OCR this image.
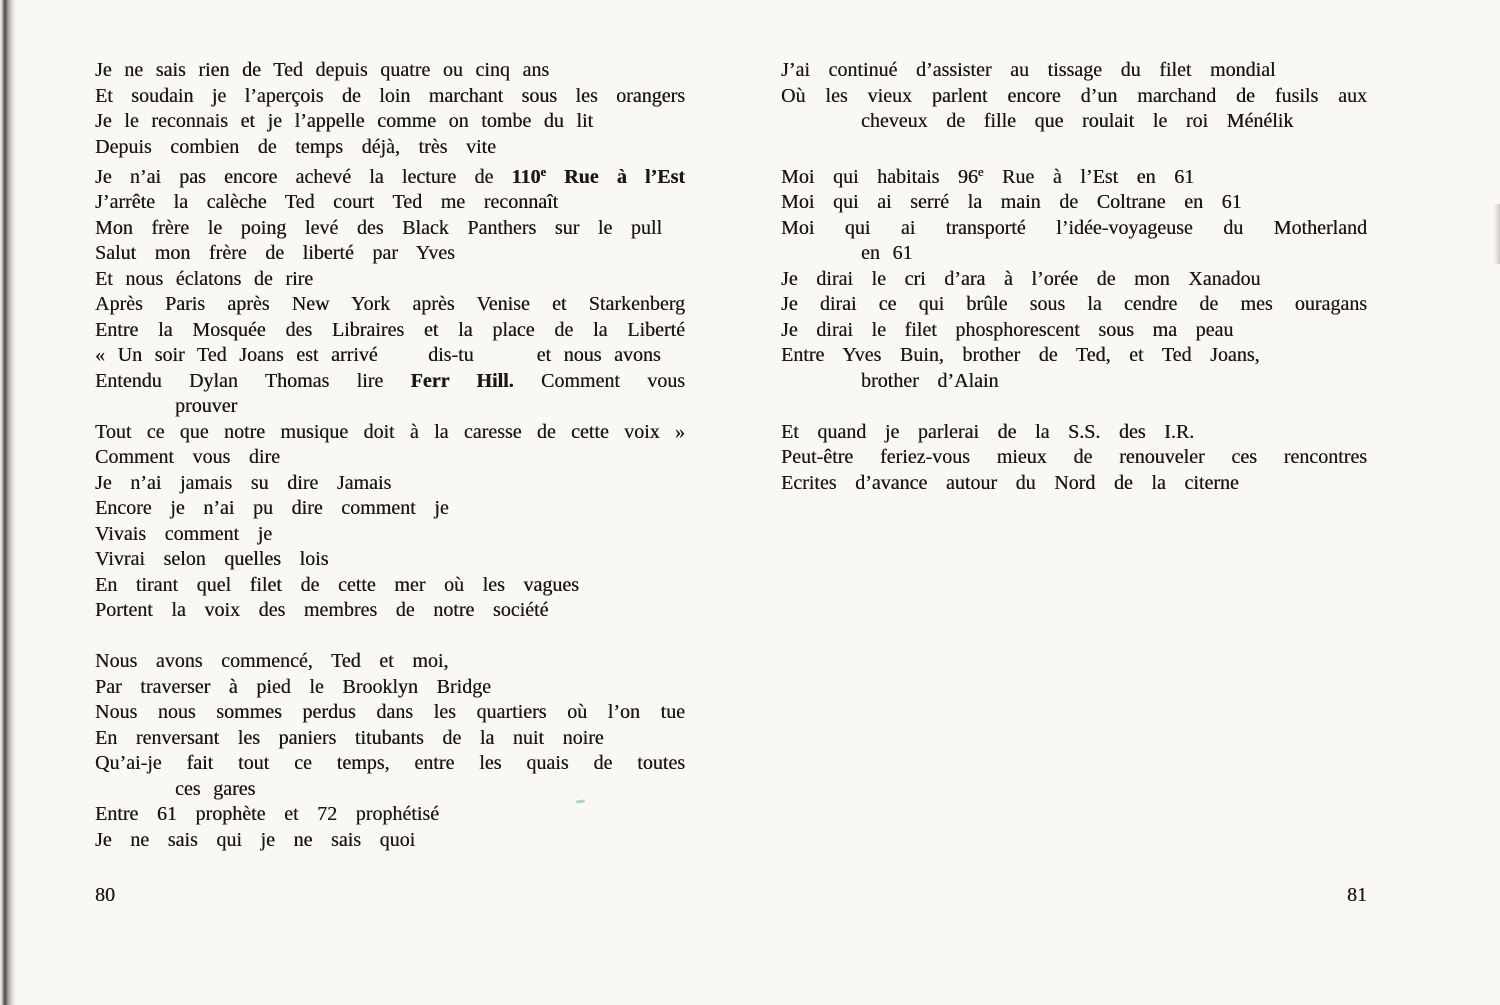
Je ne sais rien de Ted depuis quatre ou cinq ans
Et soudain je l’aperçois de loin marchant sous les orangers
Je le reconnais et je l’appelle comme on tombe du lit
Depuis combien de temps déjà, très vite
Je n’ai pas encore achevé la lecture de 110e Rue à l’Est
J’arrête la calèche Ted court Ted me reconnaît
Mon frère le poing levé des Black Panthers sur le pull
Salut mon frère de liberté par Yves
Et nous éclatons de rire
Après Paris après New York après Venise et Starkenberg
Entre la Mosquée des Libraires et la place de la Liberté
« Un soir Ted Joans est arrivé    dis-tu     et nous avons
Entendu Dylan Thomas lire Ferr Hill. Comment vous
prouver
Tout ce que notre musique doit à la caresse de cette voix »
Comment vous dire
Je n’ai jamais su dire Jamais
Encore je n’ai pu dire comment je
Vivais comment je
Vivrai selon quelles lois
En tirant quel filet de cette mer où les vagues
Portent la voix des membres de notre société

Nous avons commencé, Ted et moi,
Par traverser à pied le Brooklyn Bridge
Nous nous sommes perdus dans les quartiers où l’on tue
En renversant les paniers titubants de la nuit noire
Qu’ai-je fait tout ce temps, entre les quais de toutes
ces gares
Entre 61 prophète et 72 prophétisé
Je ne sais qui je ne sais quoi
J’ai continué d’assister au tissage du filet mondial
Où les vieux parlent encore d’un marchand de fusils aux
cheveux de fille que roulait le roi Ménélik

Moi qui habitais 96e Rue à l’Est en 61
Moi qui ai serré la main de Coltrane en 61
Moi qui ai transporté l’idée-voyageuse du Motherland
en 61
Je dirai le cri d’ara à l’orée de mon Xanadou
Je dirai ce qui brûle sous la cendre de mes ouragans
Je dirai le filet phosphorescent sous ma peau
Entre Yves Buin, brother de Ted, et Ted Joans,
brother d’Alain

Et quand je parlerai de la S.S. des I.R.
Peut-être feriez-vous mieux de renouveler ces rencontres
Ecrites d’avance autour du Nord de la citerne
80	81
